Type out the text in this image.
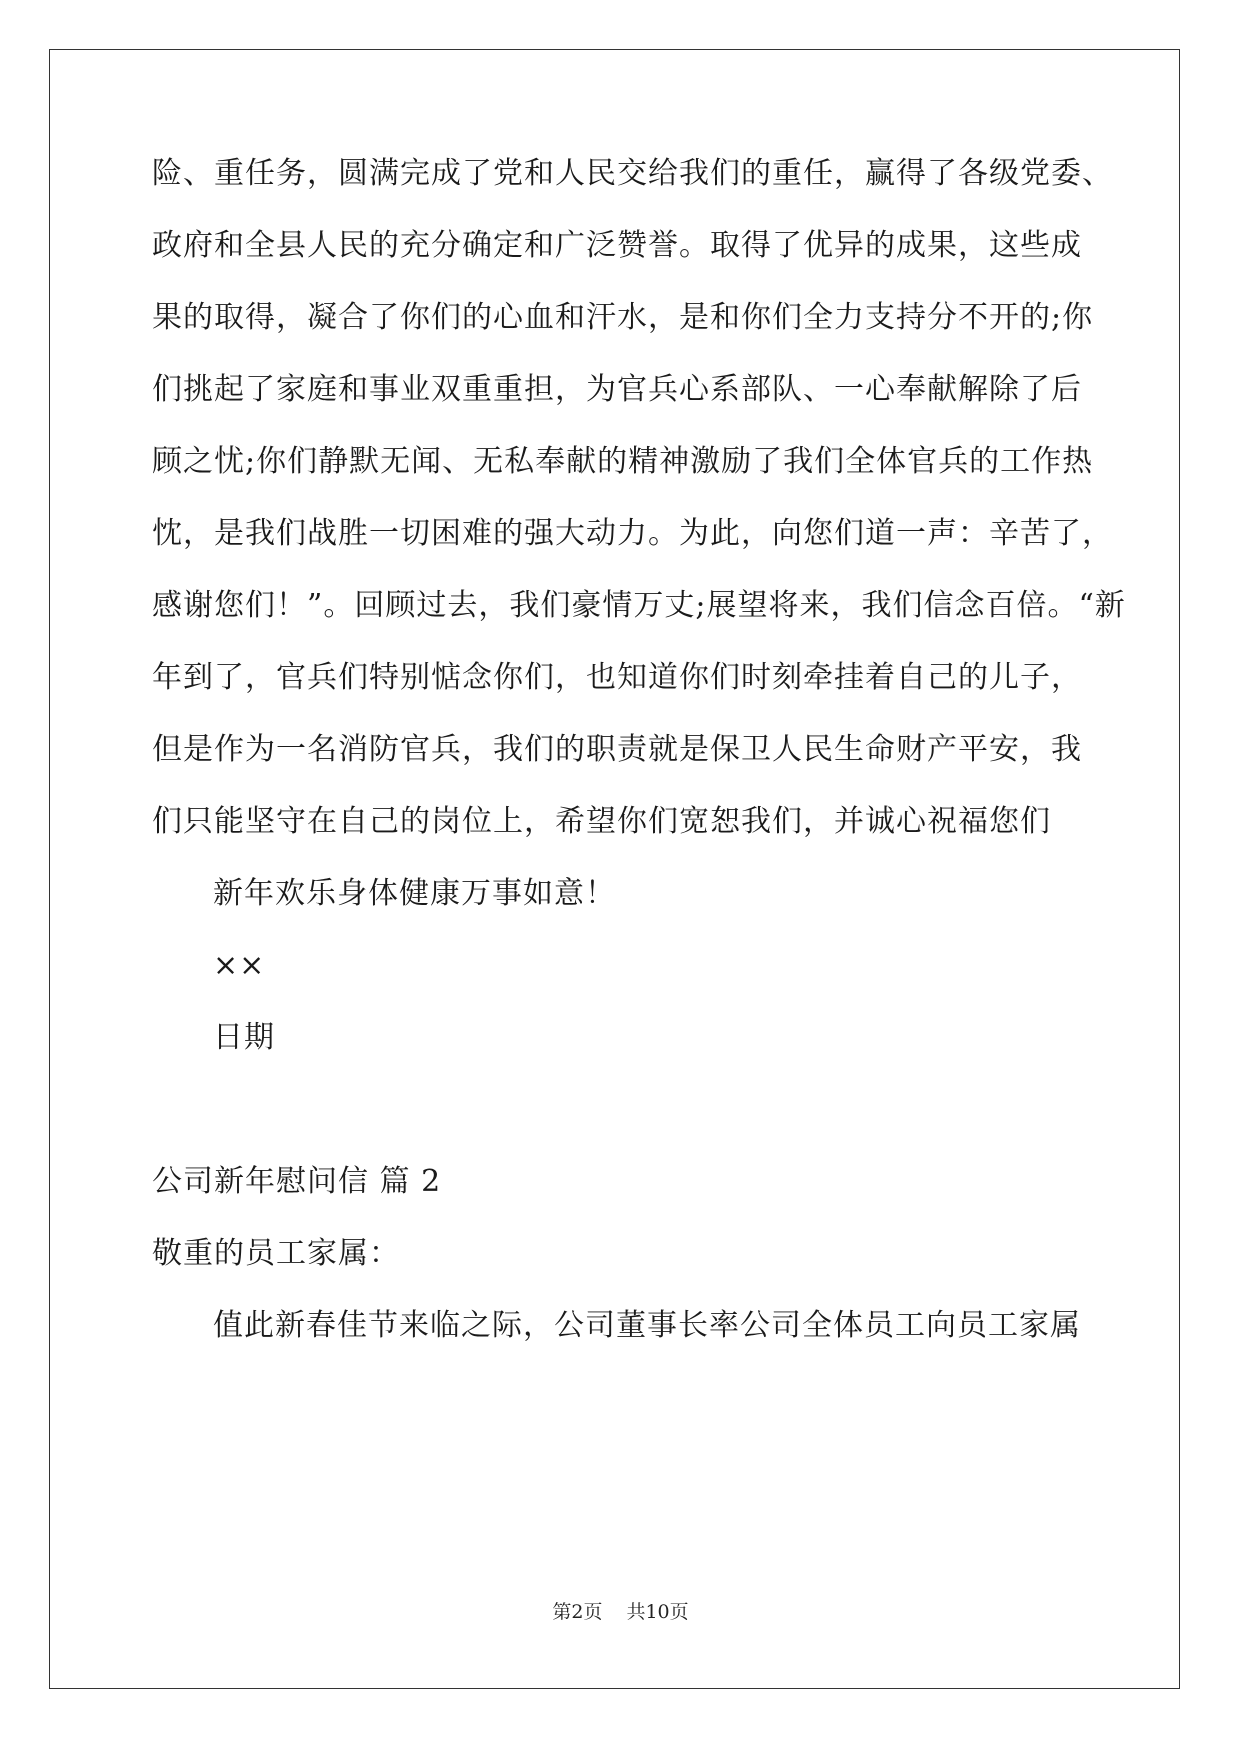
险、重任务，圆满完成了党和人民交给我们的重任，赢得了各级党委、
政府和全县人民的充分确定和广泛赞誉。取得了优异的成果，这些成
果的取得，凝合了你们的心血和汗水，是和你们全力支持分不开的;你
们挑起了家庭和事业双重重担，为官兵心系部队、一心奉献解除了后
顾之忧;你们静默无闻、无私奉献的精神激励了我们全体官兵的工作热
忱，是我们战胜一切困难的强大动力。为此，向您们道一声：辛苦了，
感谢您们！”。回顾过去，我们豪情万丈;展望将来，我们信念百倍。“新
年到了，官兵们特别惦念你们，也知道你们时刻牵挂着自己的儿子，
但是作为一名消防官兵，我们的职责就是保卫人民生命财产平安，我
们只能坚守在自己的岗位上，希望你们宽恕我们，并诚心祝福您们
新年欢乐身体健康万事如意！
××
日期
公司新年慰问信 篇 2
敬重的员工家属：
值此新春佳节来临之际，公司董事长率公司全体员工向员工家属
第2页 共10页
